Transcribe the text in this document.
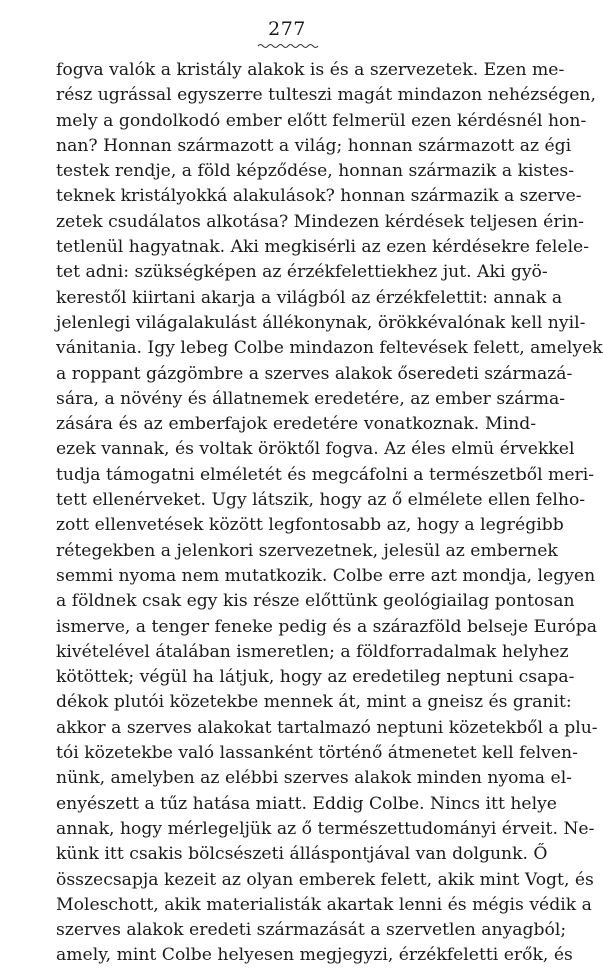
277
fogva valók a kristály alakok is és a szervezetek. Ezen me-
rész ugrással egyszerre tulteszi magát mindazon nehézségen,
mely a gondolkodó ember előtt felmerül ezen kérdésnél hon-
nan? Honnan származott a világ; honnan származott az égi
testek rendje, a föld képződése, honnan származik a kistes-
teknek kristályokká alakulások? honnan származik a szerve-
zetek csudálatos alkotása? Mindezen kérdések teljesen érin-
tetlenül hagyatnak. Aki megkisérli az ezen kérdésekre felele-
tet adni: szükségképen az érzékfelettiekhez jut. Aki gyö-
kerestől kiirtani akarja a világból az érzékfelettit: annak a
jelenlegi világalakulást állékonynak, örökkévalónak kell nyil-
vánitania. Igy lebeg Colbe mindazon feltevések felett, amelyek
a roppant gázgömbre a szerves alakok őseredeti származá-
sára, a növény és állatnemek eredetére, az ember szárma-
zására és az emberfajok eredetére vonatkoznak. Mind-
ezek vannak, és voltak öröktől fogva. Az éles elmü érvekkel
tudja támogatni elméletét és megcáfolni a természetből meri-
tett ellenérveket. Ugy látszik, hogy az ő elmélete ellen felho-
zott ellenvetések között legfontosabb az, hogy a legrégibb
rétegekben a jelenkori szervezetnek, jelesül az embernek
semmi nyoma nem mutatkozik. Colbe erre azt mondja, legyen
a földnek csak egy kis része előttünk geológiailag pontosan
ismerve, a tenger feneke pedig és a szárazföld belseje Európa
kivételével átalában ismeretlen; a földforradalmak helyhez
kötöttek; végül ha látjuk, hogy az eredetileg neptuni csapa-
dékok plutói közetekbe mennek át, mint a gneisz és granit:
akkor a szerves alakokat tartalmazó neptuni közetekből a plu-
tói közetekbe való lassanként történő átmenetet kell felven-
nünk, amelyben az elébbi szerves alakok minden nyoma el-
enyészett a tűz hatása miatt. Eddig Colbe. Nincs itt helye
annak, hogy mérlegeljük az ő természettudományi érveit. Ne-
künk itt csakis bölcsészeti álláspontjával van dolgunk. Ő
összecsapja kezeit az olyan emberek felett, akik mint Vogt, és
Moleschott, akik materialisták akartak lenni és mégis védik a
szerves alakok eredeti származását a szervetlen anyagból;
amely, mint Colbe helyesen megjegyzi, érzékfeletti erők, és
